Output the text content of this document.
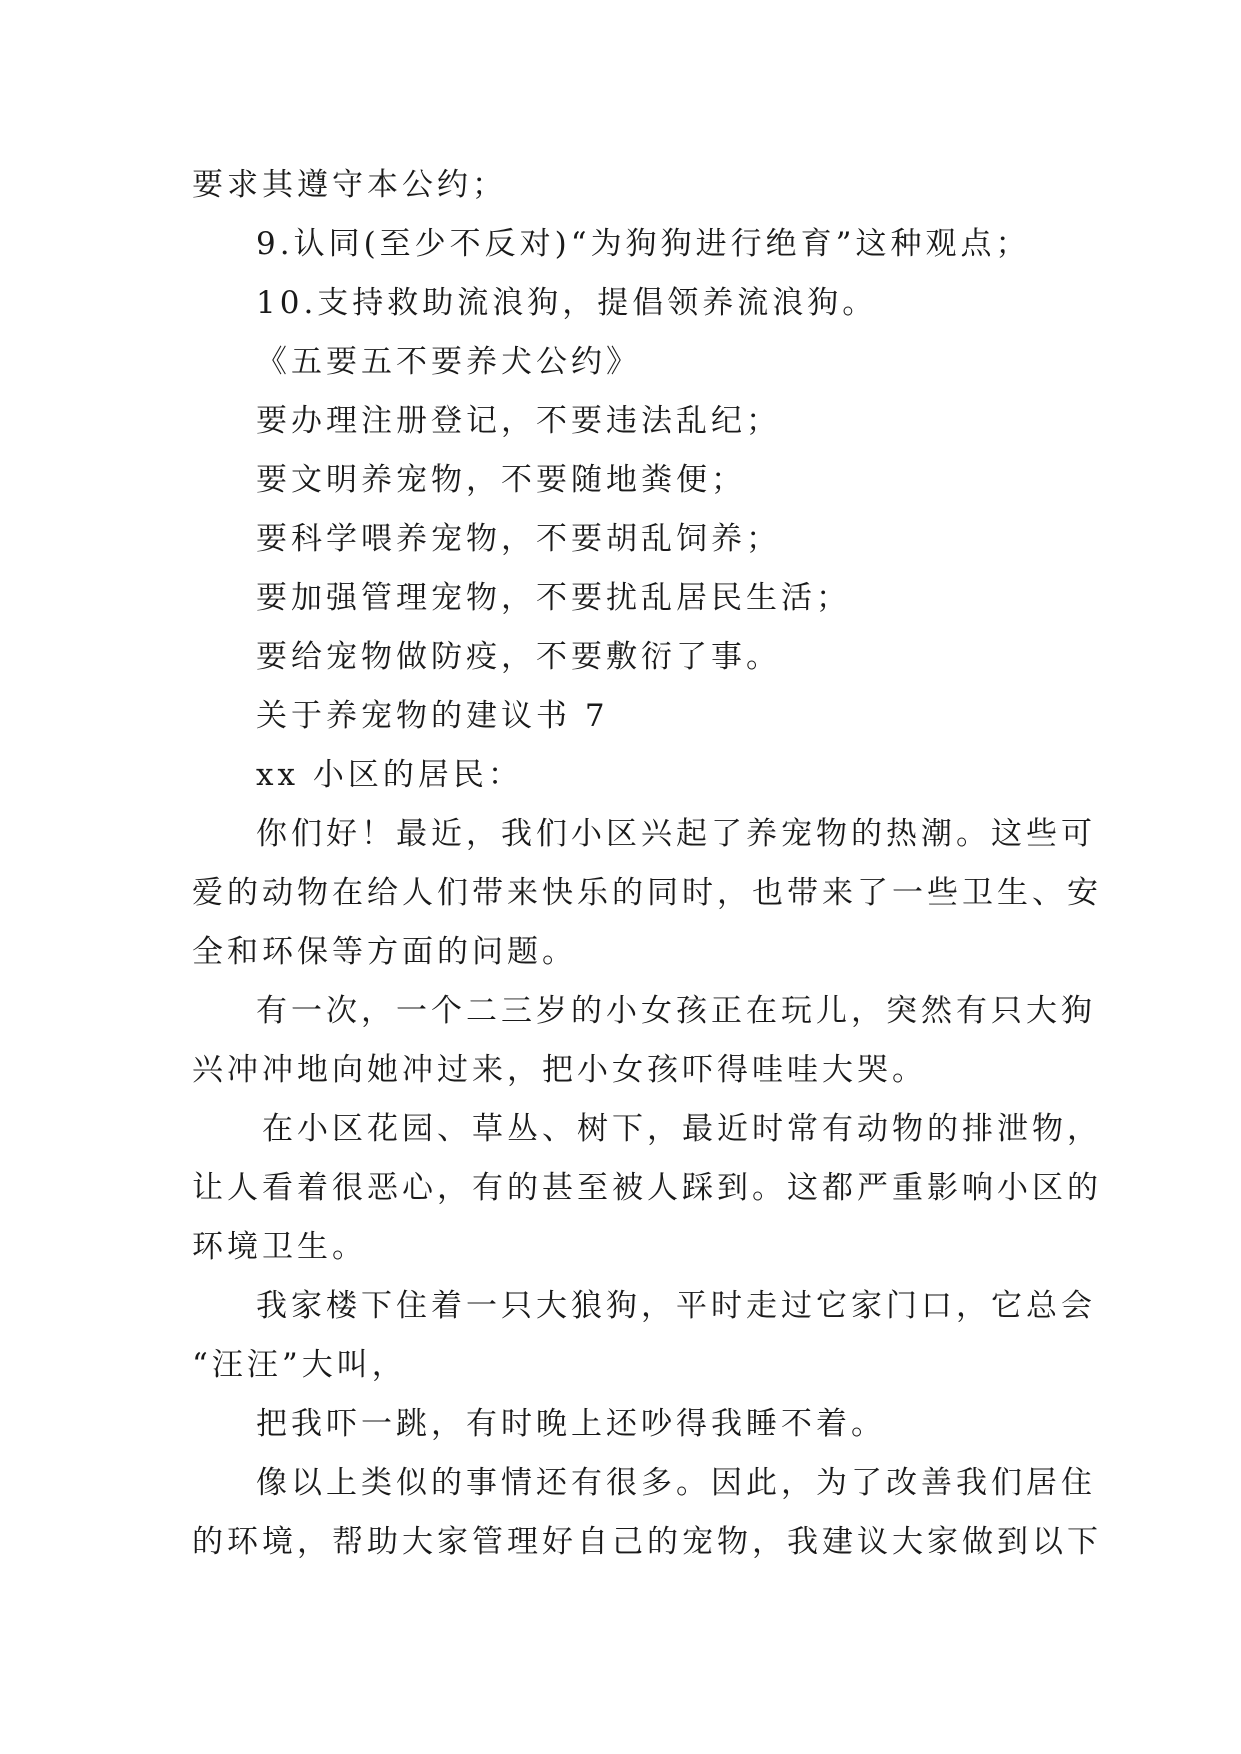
要求其遵守本公约；
9.认同(至少不反对)“为狗狗进行绝育”这种观点；
10.支持救助流浪狗，提倡领养流浪狗。
《五要五不要养犬公约》
要办理注册登记，不要违法乱纪；
要文明养宠物，不要随地粪便；
要科学喂养宠物，不要胡乱饲养；
要加强管理宠物，不要扰乱居民生活；
要给宠物做防疫，不要敷衍了事。
关于养宠物的建议书 7
xx 小区的居民：
你们好！最近，我们小区兴起了养宠物的热潮。这些可
爱的动物在给人们带来快乐的同时，也带来了一些卫生、安
全和环保等方面的问题。
有一次，一个二三岁的小女孩正在玩儿，突然有只大狗
兴冲冲地向她冲过来，把小女孩吓得哇哇大哭。
在小区花园、草丛、树下，最近时常有动物的排泄物，
让人看着很恶心，有的甚至被人踩到。这都严重影响小区的
环境卫生。
我家楼下住着一只大狼狗，平时走过它家门口，它总会
“汪汪”大叫，
把我吓一跳，有时晚上还吵得我睡不着。
像以上类似的事情还有很多。因此，为了改善我们居住
的环境，帮助大家管理好自己的宠物，我建议大家做到以下
